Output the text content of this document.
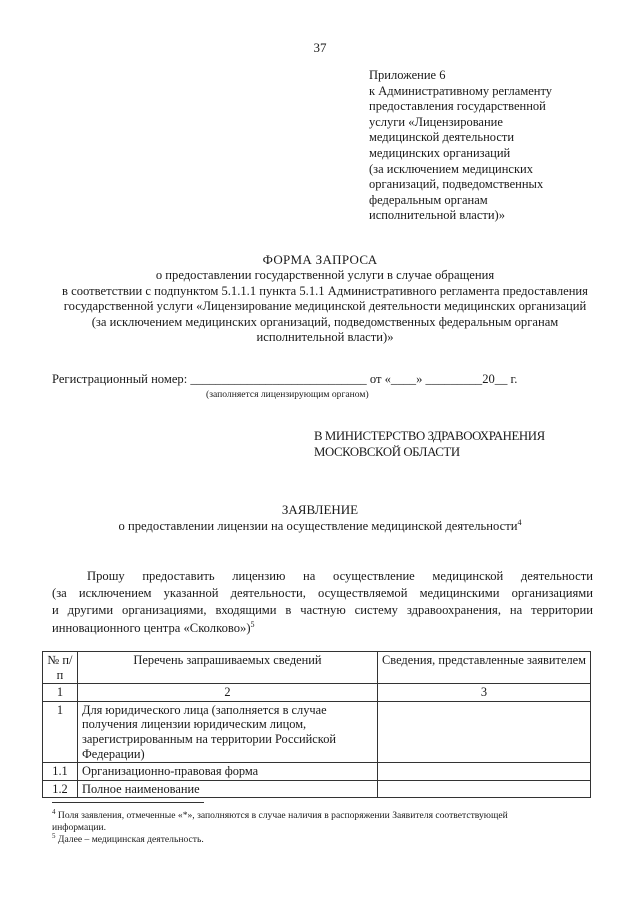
37
Приложение 6
к Административному регламенту
предоставления государственной
услуги «Лицензирование
медицинской деятельности
медицинских организаций
(за исключением медицинских
организаций, подведомственных
федеральным органам
исполнительной власти)»
ФОРМА ЗАПРОСА
о предоставлении государственной услуги в случае обращения
в соответствии с подпунктом 5.1.1.1 пункта 5.1.1 Административного регламента предоставления
государственной услуги «Лицензирование медицинской деятельности медицинских организаций
(за исключением медицинских организаций, подведомственных федеральным органам
исполнительной власти)»
Регистрационный номер: ____________________________ от «____» _________20__ г.
(заполняется лицензирующим органом)
В МИНИСТЕРСТВО ЗДРАВООХРАНЕНИЯ
МОСКОВСКОЙ ОБЛАСТИ
ЗАЯВЛЕНИЕ
о предоставлении лицензии на осуществление медицинской деятельности$^4$
Прошу предоставить лицензию на осуществление медицинской деятельности
(за исключением указанной деятельности, осуществляемой медицинскими организациями
и другими организациями, входящими в частную систему здравоохранения, на территории
инновационного центра «Сколково»)$^5$
№ п/п	Перечень запрашиваемых сведений	Сведения, представленные заявителем
1	2	3
1	Для юридического лица (заполняется в случае получения лицензии юридическим лицом, зарегистрированным на территории Российской Федерации)	
1.1	Организационно-правовая форма	
1.2	Полное наименование	
$^4$ Поля заявления, отмеченные «*», заполняются в случае наличия в распоряжении Заявителя соответствующей
информации.
$^5$ Далее – медицинская деятельность.
